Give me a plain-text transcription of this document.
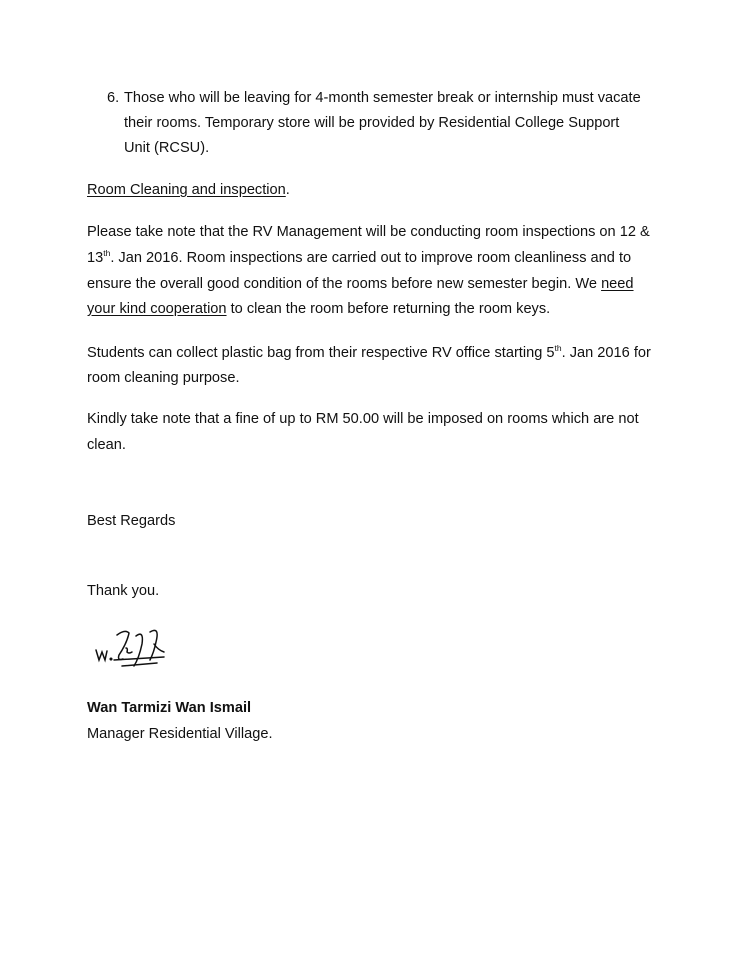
6. Those who will be leaving for 4-month semester break or internship must vacate
their rooms. Temporary store will be provided by Residential College Support
Unit (RCSU).
Room Cleaning and inspection.
Please take note that the RV Management will be conducting room inspections on 12 &
13th. Jan 2016. Room inspections are carried out to improve room cleanliness and to
ensure the overall good condition of the rooms before new semester begin. We need
your kind cooperation to clean the room before returning the room keys.
Students can collect plastic bag from their respective RV office starting 5th. Jan 2016 for
room cleaning purpose.
Kindly take note that a fine of up to RM 50.00 will be imposed on rooms which are not
clean.
Best Regards
Thank you.
Wan Tarmizi Wan Ismail
Manager Residential Village.
